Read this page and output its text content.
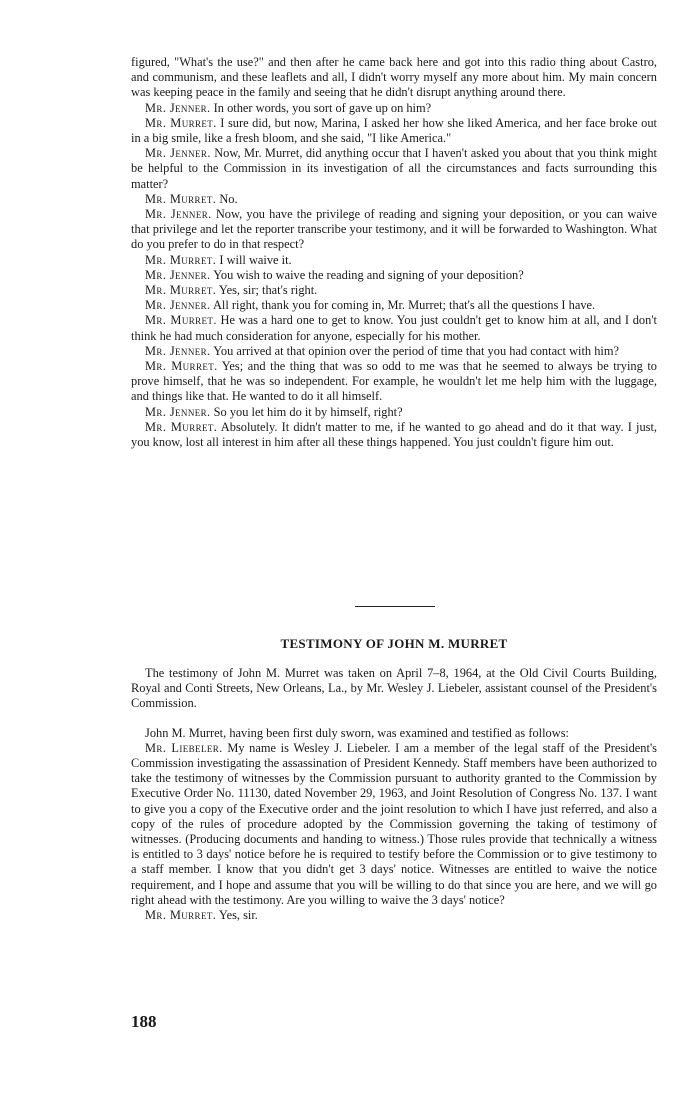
figured, "What's the use?" and then after he came back here and got into this radio thing about Castro, and communism, and these leaflets and all, I didn't worry myself any more about him. My main concern was keeping peace in the family and seeing that he didn't disrupt anything around there.

Mr. Jenner. In other words, you sort of gave up on him?

Mr. Murret. I sure did, but now, Marina, I asked her how she liked America, and her face broke out in a big smile, like a fresh bloom, and she said, "I like America."

Mr. Jenner. Now, Mr. Murret, did anything occur that I haven't asked you about that you think might be helpful to the Commission in its investigation of all the circumstances and facts surrounding this matter?

Mr. Murret. No.

Mr. Jenner. Now, you have the privilege of reading and signing your deposition, or you can waive that privilege and let the reporter transcribe your testimony, and it will be forwarded to Washington. What do you prefer to do in that respect?

Mr. Murret. I will waive it.

Mr. Jenner. You wish to waive the reading and signing of your deposition?

Mr. Murret. Yes, sir; that's right.

Mr. Jenner. All right, thank you for coming in, Mr. Murret; that's all the questions I have.

Mr. Murret. He was a hard one to get to know. You just couldn't get to know him at all, and I don't think he had much consideration for anyone, especially for his mother.

Mr. Jenner. You arrived at that opinion over the period of time that you had contact with him?

Mr. Murret. Yes; and the thing that was so odd to me was that he seemed to always be trying to prove himself, that he was so independent. For example, he wouldn't let me help him with the luggage, and things like that. He wanted to do it all himself.

Mr. Jenner. So you let him do it by himself, right?

Mr. Murret. Absolutely. It didn't matter to me, if he wanted to go ahead and do it that way. I just, you know, lost all interest in him after all these things happened. You just couldn't figure him out.

TESTIMONY OF JOHN M. MURRET

The testimony of John M. Murret was taken on April 7–8, 1964, at the Old Civil Courts Building, Royal and Conti Streets, New Orleans, La., by Mr. Wesley J. Liebeler, assistant counsel of the President's Commission.

John M. Murret, having been first duly sworn, was examined and testified as follows:

Mr. Liebeler. My name is Wesley J. Liebeler. I am a member of the legal staff of the President's Commission investigating the assassination of President Kennedy. Staff members have been authorized to take the testimony of witnesses by the Commission pursuant to authority granted to the Commission by Executive Order No. 11130, dated November 29, 1963, and Joint Resolution of Congress No. 137. I want to give you a copy of the Executive order and the joint resolution to which I have just referred, and also a copy of the rules of procedure adopted by the Commission governing the taking of testimony of witnesses. (Producing documents and handing to witness.) Those rules provide that technically a witness is entitled to 3 days' notice before he is required to testify before the Commission or to give testimony to a staff member. I know that you didn't get 3 days' notice. Witnesses are entitled to waive the notice requirement, and I hope and assume that you will be willing to do that since you are here, and we will go right ahead with the testimony. Are you willing to waive the 3 days' notice?

Mr. Murret. Yes, sir.

188
